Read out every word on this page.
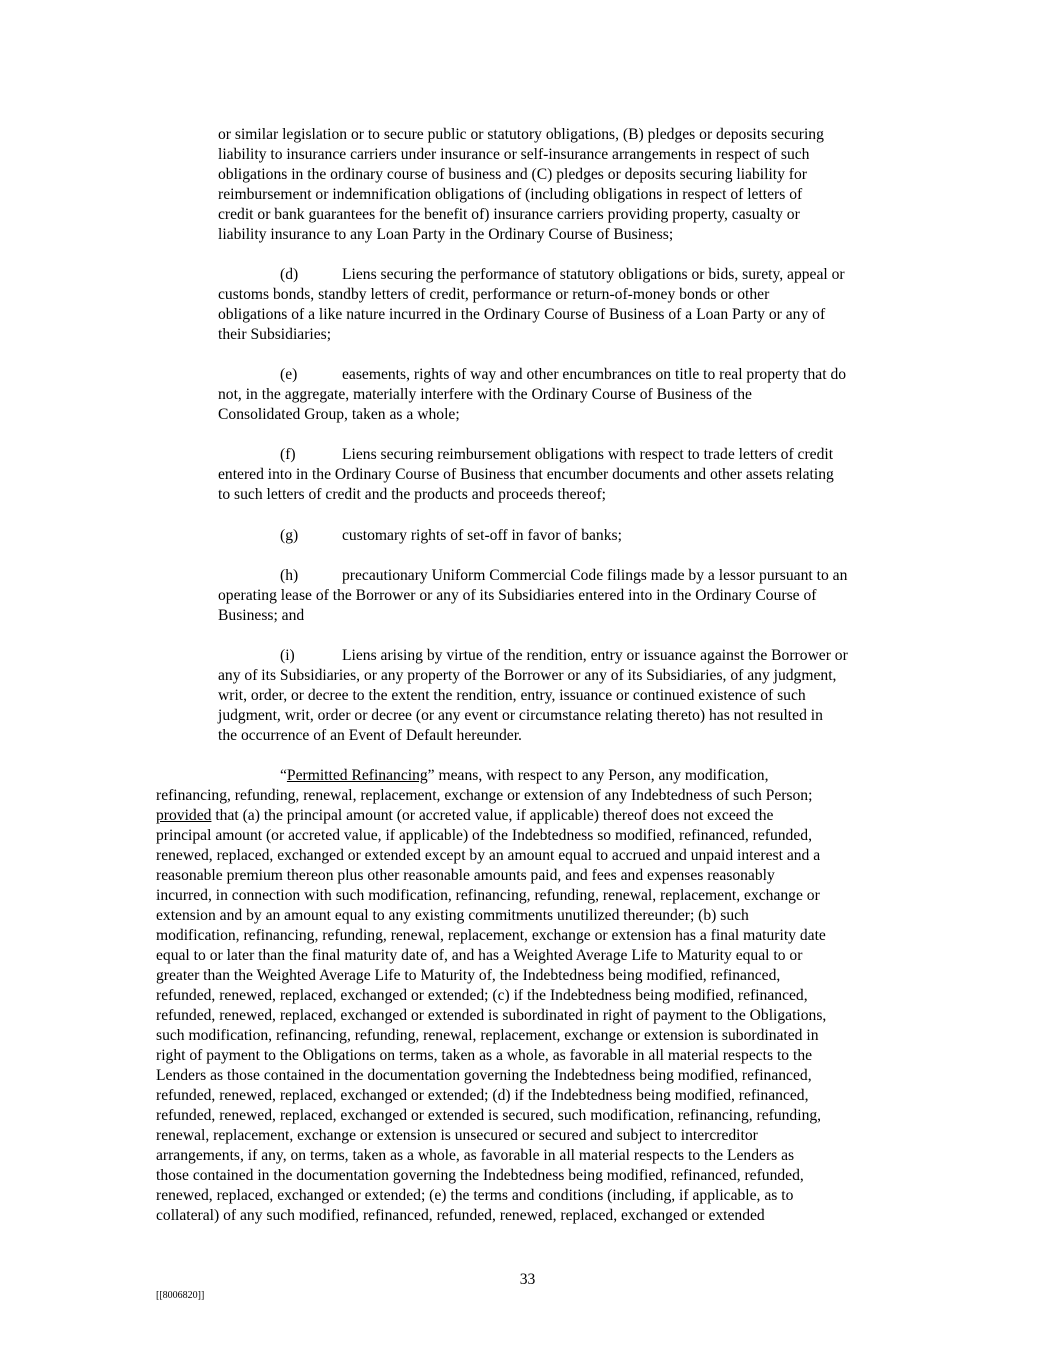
or similar legislation or to secure public or statutory obligations, (B) pledges or deposits securing
liability to insurance carriers under insurance or self-insurance arrangements in respect of such
obligations in the ordinary course of business and (C) pledges or deposits securing liability for
reimbursement or indemnification obligations of (including obligations in respect of letters of
credit or bank guarantees for the benefit of) insurance carriers providing property, casualty or
liability insurance to any Loan Party in the Ordinary Course of Business;
(d)	Liens securing the performance of statutory obligations or bids, surety, appeal or
customs bonds, standby letters of credit, performance or return-of-money bonds or other
obligations of a like nature incurred in the Ordinary Course of Business of a Loan Party or any of
their Subsidiaries;
(e)	easements, rights of way and other encumbrances on title to real property that do
not, in the aggregate, materially interfere with the Ordinary Course of Business of the
Consolidated Group, taken as a whole;
(f)	Liens securing reimbursement obligations with respect to trade letters of credit
entered into in the Ordinary Course of Business that encumber documents and other assets relating
to such letters of credit and the products and proceeds thereof;
(g)	customary rights of set-off in favor of banks;
(h)	precautionary Uniform Commercial Code filings made by a lessor pursuant to an
operating lease of the Borrower or any of its Subsidiaries entered into in the Ordinary Course of
Business; and
(i)	Liens arising by virtue of the rendition, entry or issuance against the Borrower or
any of its Subsidiaries, or any property of the Borrower or any of its Subsidiaries, of any judgment,
writ, order, or decree to the extent the rendition, entry, issuance or continued existence of such
judgment, writ, order or decree (or any event or circumstance relating thereto) has not resulted in
the occurrence of an Event of Default hereunder.
“Permitted Refinancing” means, with respect to any Person, any modification,
refinancing, refunding, renewal, replacement, exchange or extension of any Indebtedness of such Person;
provided that (a) the principal amount (or accreted value, if applicable) thereof does not exceed the
principal amount (or accreted value, if applicable) of the Indebtedness so modified, refinanced, refunded,
renewed, replaced, exchanged or extended except by an amount equal to accrued and unpaid interest and a
reasonable premium thereon plus other reasonable amounts paid, and fees and expenses reasonably
incurred, in connection with such modification, refinancing, refunding, renewal, replacement, exchange or
extension and by an amount equal to any existing commitments unutilized thereunder; (b) such
modification, refinancing, refunding, renewal, replacement, exchange or extension has a final maturity date
equal to or later than the final maturity date of, and has a Weighted Average Life to Maturity equal to or
greater than the Weighted Average Life to Maturity of, the Indebtedness being modified, refinanced,
refunded, renewed, replaced, exchanged or extended; (c) if the Indebtedness being modified, refinanced,
refunded, renewed, replaced, exchanged or extended is subordinated in right of payment to the Obligations,
such modification, refinancing, refunding, renewal, replacement, exchange or extension is subordinated in
right of payment to the Obligations on terms, taken as a whole, as favorable in all material respects to the
Lenders as those contained in the documentation governing the Indebtedness being modified, refinanced,
refunded, renewed, replaced, exchanged or extended; (d) if the Indebtedness being modified, refinanced,
refunded, renewed, replaced, exchanged or extended is secured, such modification, refinancing, refunding,
renewal, replacement, exchange or extension is unsecured or secured and subject to intercreditor
arrangements, if any, on terms, taken as a whole, as favorable in all material respects to the Lenders as
those contained in the documentation governing the Indebtedness being modified, refinanced, refunded,
renewed, replaced, exchanged or extended; (e) the terms and conditions (including, if applicable, as to
collateral) of any such modified, refinanced, refunded, renewed, replaced, exchanged or extended
33
[[8006820]]
